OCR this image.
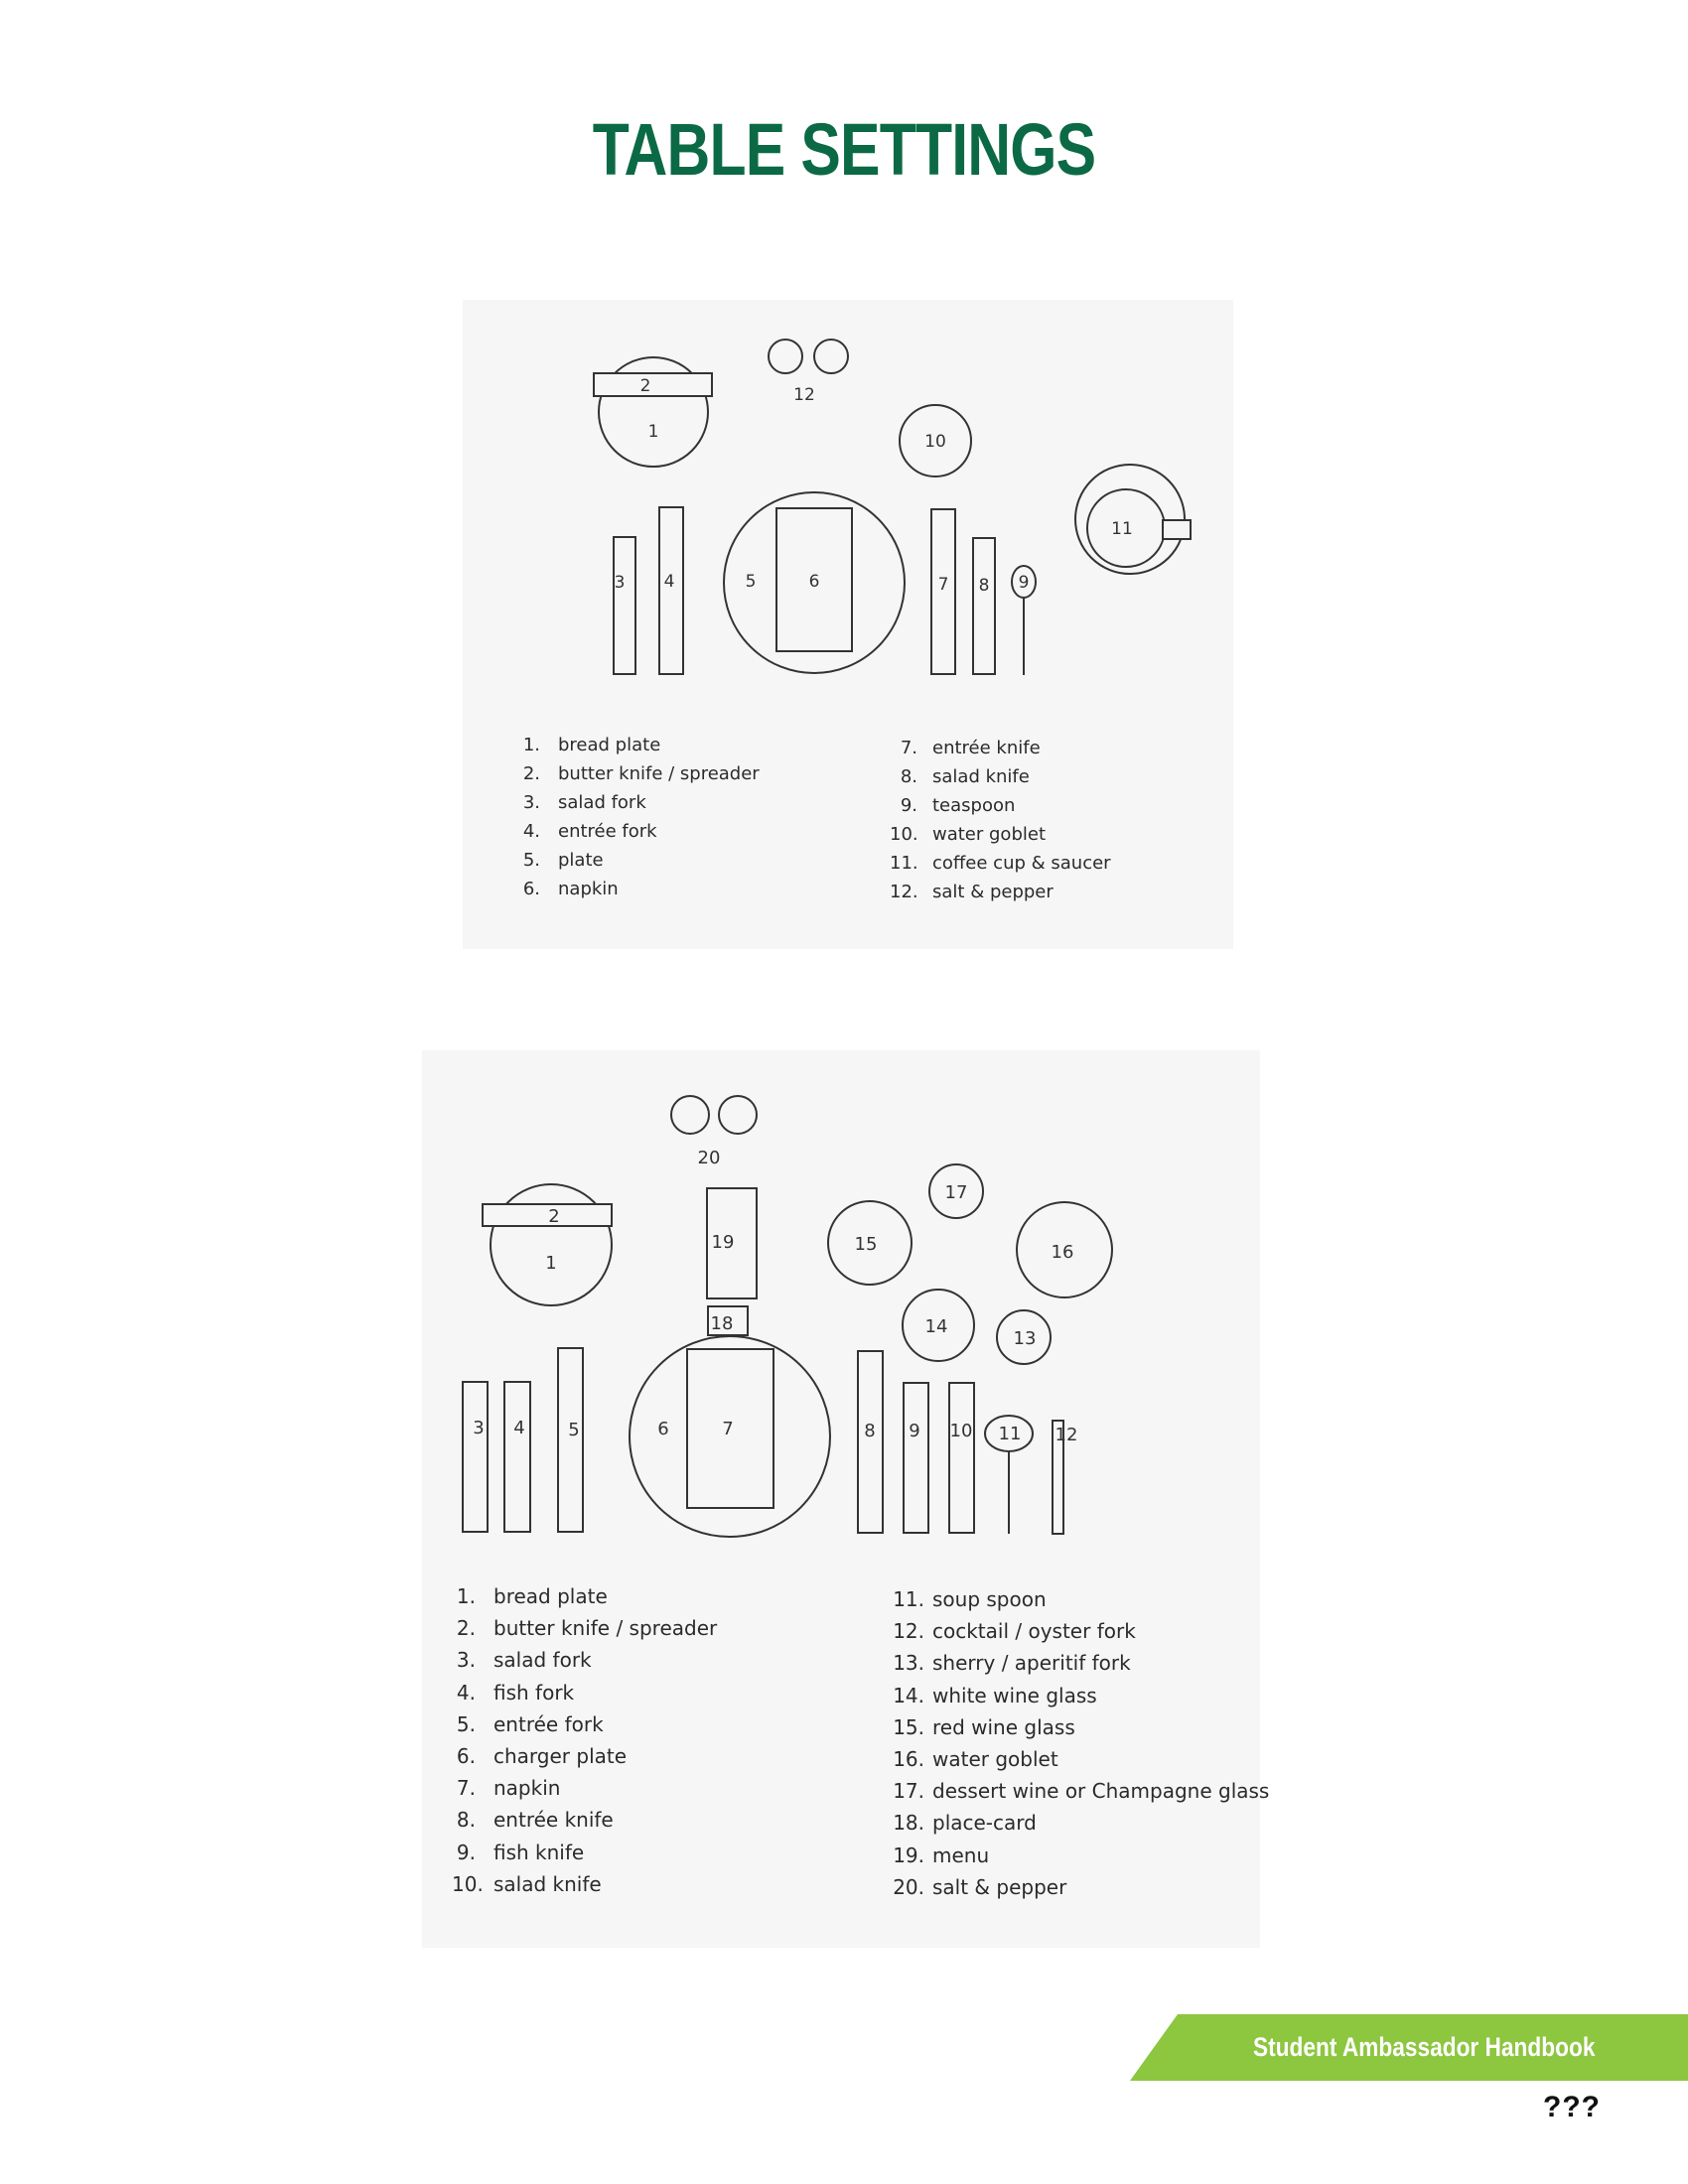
TABLE SETTINGS
1
2
3 4	5	6	7 8 9
10
11
12
1. bread plate
2. butter knife / spreader
3. salad fork
4. entrée fork
5. plate
6. napkin
7. entrée knife
8. salad knife
9. teaspoon
10. water goblet
11. coffee cup & saucer
12. salt & pepper
1
2
3 4 5	6	7	8 9 10 11 12
13
14
15	16
17
18
19
20
1. bread plate
2. butter knife / spreader
3. salad fork
4. fish fork
5. entrée fork
6. charger plate
7. napkin
8. entrée knife
9. fish knife
10. salad knife
11. soup spoon
12. cocktail / oyster fork
13. sherry / aperitif fork
14. white wine glass
15. red wine glass
16. water goblet
17. dessert wine or Champagne glass
18. place-card
19. menu
20. salt & pepper
Student Ambassador Handbook
???
